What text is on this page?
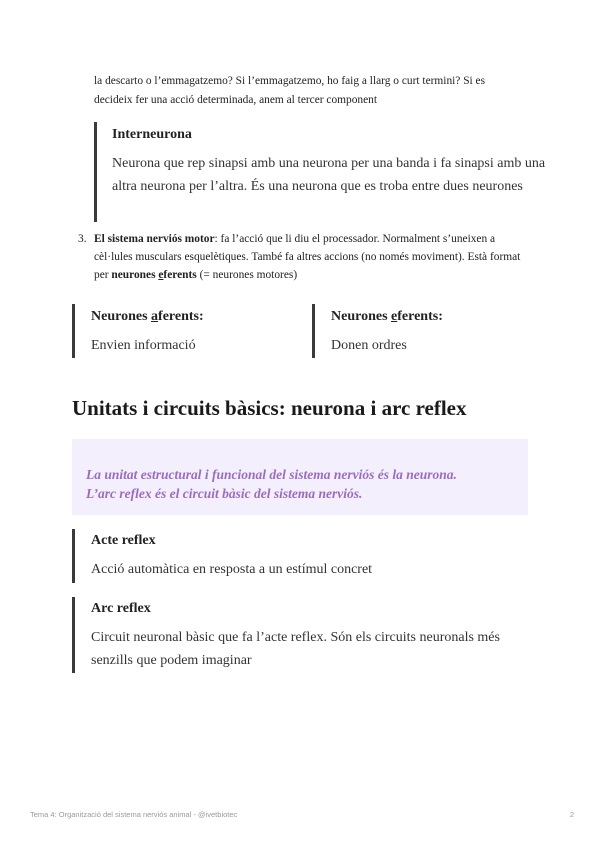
la descarto o l’emmagatzemo? Si l’emmagatzemo, ho faig a llarg o curt termini? Si es
decideix fer una acció determinada, anem al tercer component
Interneurona
Neurona que rep sinapsi amb una neurona per una banda i fa sinapsi amb una altra neurona per l’altra. És una neurona que es troba entre dues neurones
3. El sistema nerviós motor: fa l’acció que li diu el processador. Normalment s’uneixen a cèl·lules musculars esquelètiques. També fa altres accions (no només moviment). Està format per neurones eferents (= neurones motores)
Neurones aferents:
Envien informació
Neurones eferents:
Donen ordres
Unitats i circuits bàsics: neurona i arc reflex
La unitat estructural i funcional del sistema nerviós és la neurona.
L’arc reflex és el circuit bàsic del sistema nerviós.
Acte reflex
Acció automàtica en resposta a un estímul concret
Arc reflex
Circuit neuronal bàsic que fa l’acte reflex. Són els circuits neuronals més senzills que podem imaginar
Tema 4: Organització del sistema nerviós animal - @ivetbiotec	2
